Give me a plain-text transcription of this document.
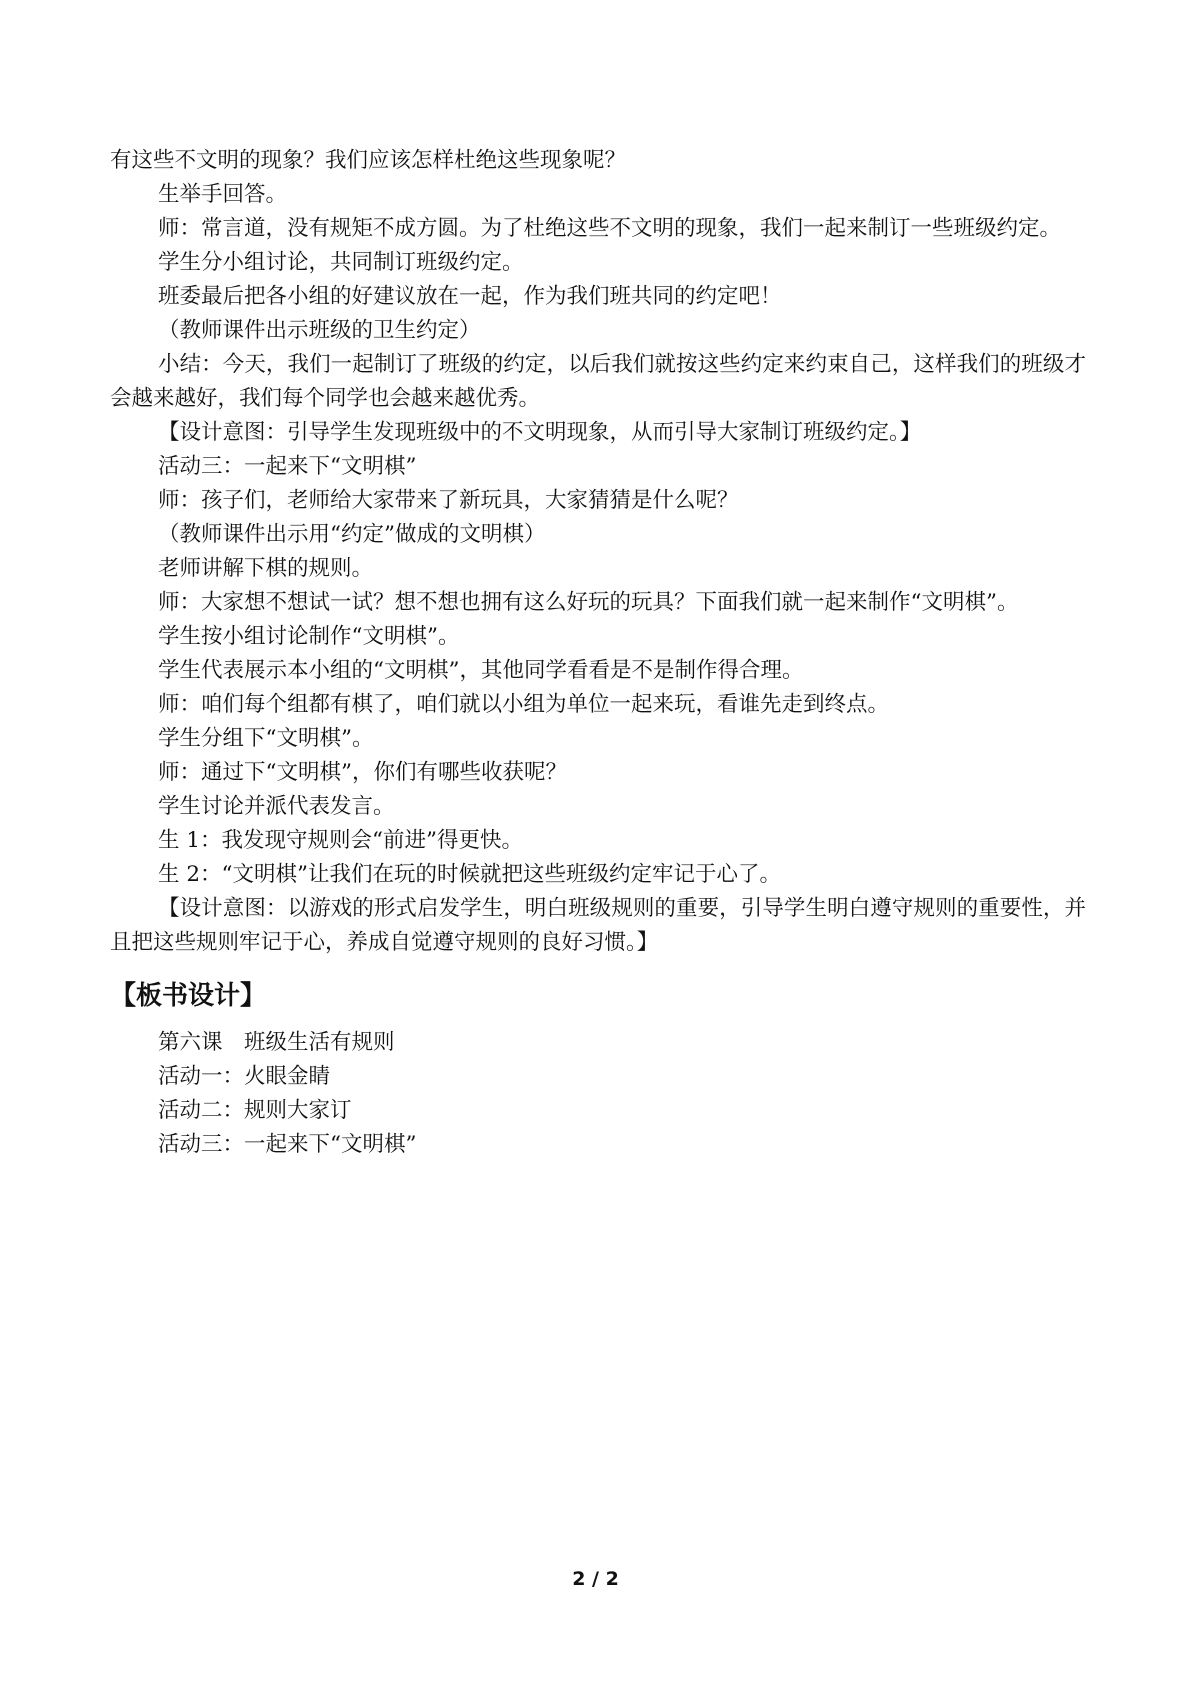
有这些不文明的现象？我们应该怎样杜绝这些现象呢？

生举手回答。

师：常言道，没有规矩不成方圆。为了杜绝这些不文明的现象，我们一起来制订一些班级约定。

学生分小组讨论，共同制订班级约定。

班委最后把各小组的好建议放在一起，作为我们班共同的约定吧！

（教师课件出示班级的卫生约定）

小结：今天，我们一起制订了班级的约定，以后我们就按这些约定来约束自己，这样我们的班级才会越来越好，我们每个同学也会越来越优秀。

【设计意图：引导学生发现班级中的不文明现象，从而引导大家制订班级约定。】

活动三：一起来下“文明棋”

师：孩子们，老师给大家带来了新玩具，大家猜猜是什么呢？

（教师课件出示用“约定”做成的文明棋）

老师讲解下棋的规则。

师：大家想不想试一试？想不想也拥有这么好玩的玩具？下面我们就一起来制作“文明棋”。

学生按小组讨论制作“文明棋”。

学生代表展示本小组的“文明棋”，其他同学看看是不是制作得合理。

师：咱们每个组都有棋了，咱们就以小组为单位一起来玩，看谁先走到终点。

学生分组下“文明棋”。

师：通过下“文明棋”，你们有哪些收获呢？

学生讨论并派代表发言。

生 1：我发现守规则会“前进”得更快。

生 2：“文明棋”让我们在玩的时候就把这些班级约定牢记于心了。

【设计意图：以游戏的形式启发学生，明白班级规则的重要，引导学生明白遵守规则的重要性，并且把这些规则牢记于心，养成自觉遵守规则的良好习惯。】

【板书设计】

第六课　班级生活有规则

活动一：火眼金睛

活动二：规则大家订

活动三：一起来下“文明棋”

2 / 2
